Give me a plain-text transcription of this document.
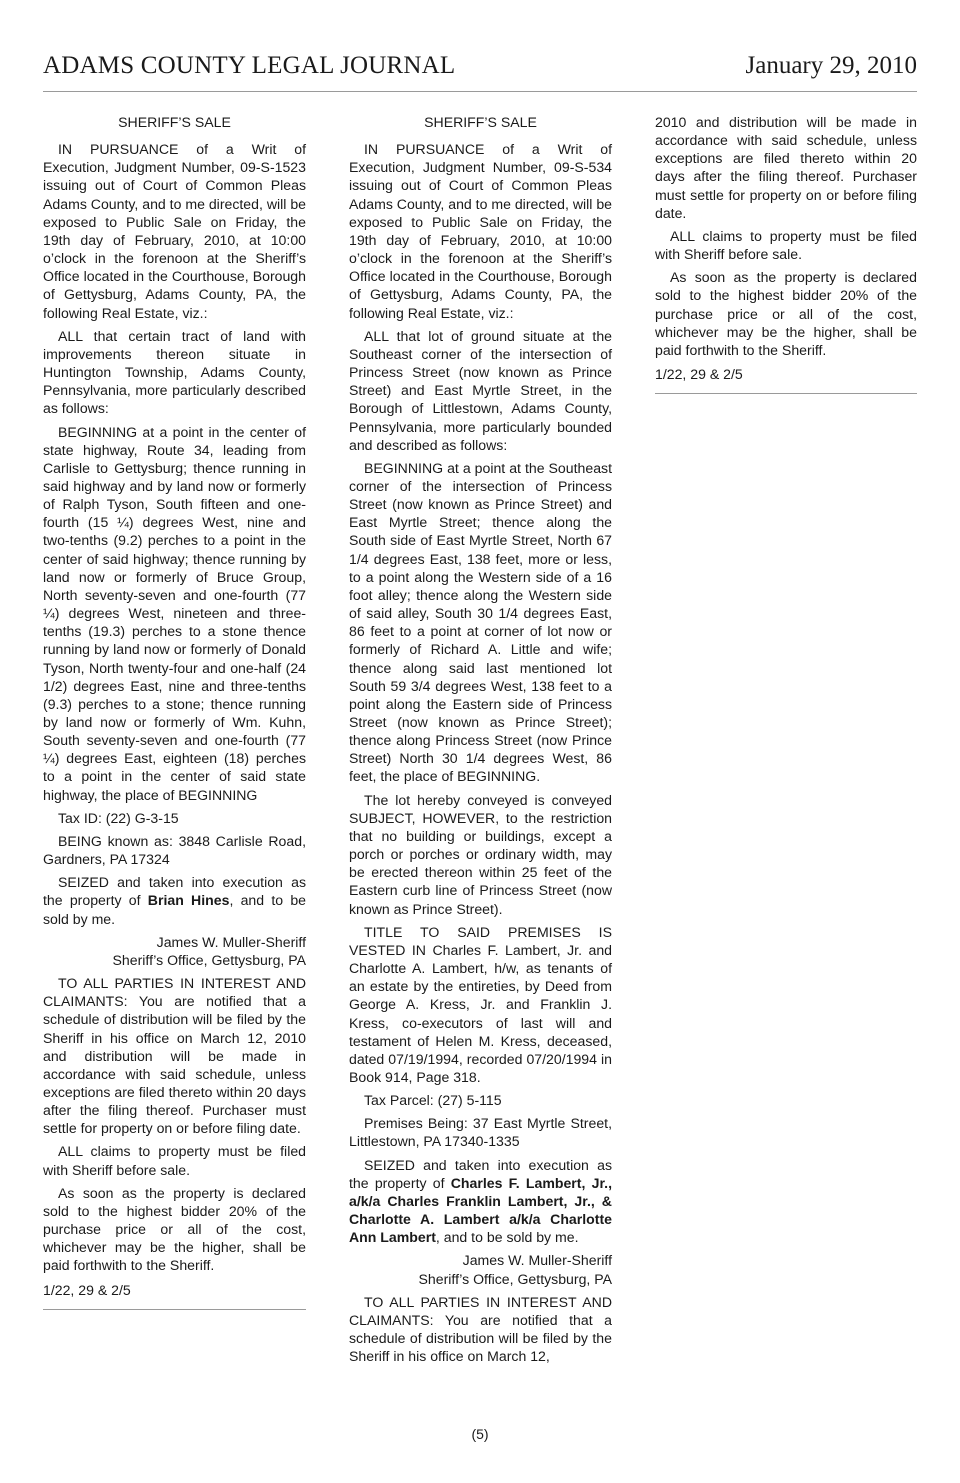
ADAMS COUNTY LEGAL JOURNAL	January 29, 2010

SHERIFF’S SALE

IN PURSUANCE of a Writ of Execution, Judgment Number, 09-S-1523 issuing out of Court of Common Pleas Adams County, and to me directed, will be exposed to Public Sale on Friday, the 19th day of February, 2010, at 10:00 o’clock in the forenoon at the Sheriff’s Office located in the Courthouse, Borough of Gettysburg, Adams County, PA, the following Real Estate, viz.:

ALL that certain tract of land with improvements thereon situate in Huntington Township, Adams County, Pennsylvania, more particularly described as follows:

BEGINNING at a point in the center of state highway, Route 34, leading from Carlisle to Gettysburg; thence running in said highway and by land now or formerly of Ralph Tyson, South fifteen and one-fourth (15 ¼) degrees West, nine and two-tenths (9.2) perches to a point in the center of said highway; thence running by land now or formerly of Bruce Group, North seventy-seven and one-fourth (77 ¼) degrees West, nineteen and three-tenths (19.3) perches to a stone thence running by land now or formerly of Donald Tyson, North twenty-four and one-half (24 1/2) degrees East, nine and three-tenths (9.3) perches to a stone; thence running by land now or formerly of Wm. Kuhn, South seventy-seven and one-fourth (77 ¼) degrees East, eighteen (18) perches to a point in the center of said state highway, the place of BEGINNING

Tax ID: (22) G-3-15

BEING known as: 3848 Carlisle Road, Gardners, PA 17324

SEIZED and taken into execution as the property of Brian Hines, and to be sold by me.

James W. Muller-Sheriff

Sheriff’s Office, Gettysburg, PA

TO ALL PARTIES IN INTEREST AND CLAIMANTS: You are notified that a schedule of distribution will be filed by the Sheriff in his office on March 12, 2010 and distribution will be made in accordance with said schedule, unless exceptions are filed thereto within 20 days after the filing thereof. Purchaser must settle for property on or before filing date.

ALL claims to property must be filed with Sheriff before sale.

As soon as the property is declared sold to the highest bidder 20% of the purchase price or all of the cost, whichever may be the higher, shall be paid forthwith to the Sheriff.

1/22, 29 & 2/5

SHERIFF’S SALE

IN PURSUANCE of a Writ of Execution, Judgment Number, 09-S-534 issuing out of Court of Common Pleas Adams County, and to me directed, will be exposed to Public Sale on Friday, the 19th day of February, 2010, at 10:00 o’clock in the forenoon at the Sheriff’s Office located in the Courthouse, Borough of Gettysburg, Adams County, PA, the following Real Estate, viz.:

ALL that lot of ground situate at the Southeast corner of the intersection of Princess Street (now known as Prince Street) and East Myrtle Street, in the Borough of Littlestown, Adams County, Pennsylvania, more particularly bounded and described as follows:

BEGINNING at a point at the Southeast corner of the intersection of Princess Street (now known as Prince Street) and East Myrtle Street; thence along the South side of East Myrtle Street, North 67 1/4 degrees East, 138 feet, more or less, to a point along the Western side of a 16 foot alley; thence along the Western side of said alley, South 30 1/4 degrees East, 86 feet to a point at corner of lot now or formerly of Richard A. Little and wife; thence along said last mentioned lot South 59 3/4 degrees West, 138 feet to a point along the Eastern side of Princess Street (now known as Prince Street); thence along Princess Street (now Prince Street) North 30 1/4 degrees West, 86 feet, the place of BEGINNING.

The lot hereby conveyed is conveyed SUBJECT, HOWEVER, to the restriction that no building or buildings, except a porch or porches or ordinary width, may be erected thereon within 25 feet of the Eastern curb line of Princess Street (now known as Prince Street).

TITLE TO SAID PREMISES IS VESTED IN Charles F. Lambert, Jr. and Charlotte A. Lambert, h/w, as tenants of an estate by the entireties, by Deed from George A. Kress, Jr. and Franklin J. Kress, co-executors of last will and testament of Helen M. Kress, deceased, dated 07/19/1994, recorded 07/20/1994 in Book 914, Page 318.

Tax Parcel: (27) 5-115

Premises Being: 37 East Myrtle Street, Littlestown, PA 17340-1335

SEIZED and taken into execution as the property of Charles F. Lambert, Jr., a/k/a Charles Franklin Lambert, Jr., & Charlotte A. Lambert a/k/a Charlotte Ann Lambert, and to be sold by me.

James W. Muller-Sheriff

Sheriff’s Office, Gettysburg, PA

TO ALL PARTIES IN INTEREST AND CLAIMANTS: You are notified that a schedule of distribution will be filed by the Sheriff in his office on March 12,

2010 and distribution will be made in accordance with said schedule, unless exceptions are filed thereto within 20 days after the filing thereof. Purchaser must settle for property on or before filing date.

ALL claims to property must be filed with Sheriff before sale.

As soon as the property is declared sold to the highest bidder 20% of the purchase price or all of the cost, whichever may be the higher, shall be paid forthwith to the Sheriff.

1/22, 29 & 2/5

(5)
